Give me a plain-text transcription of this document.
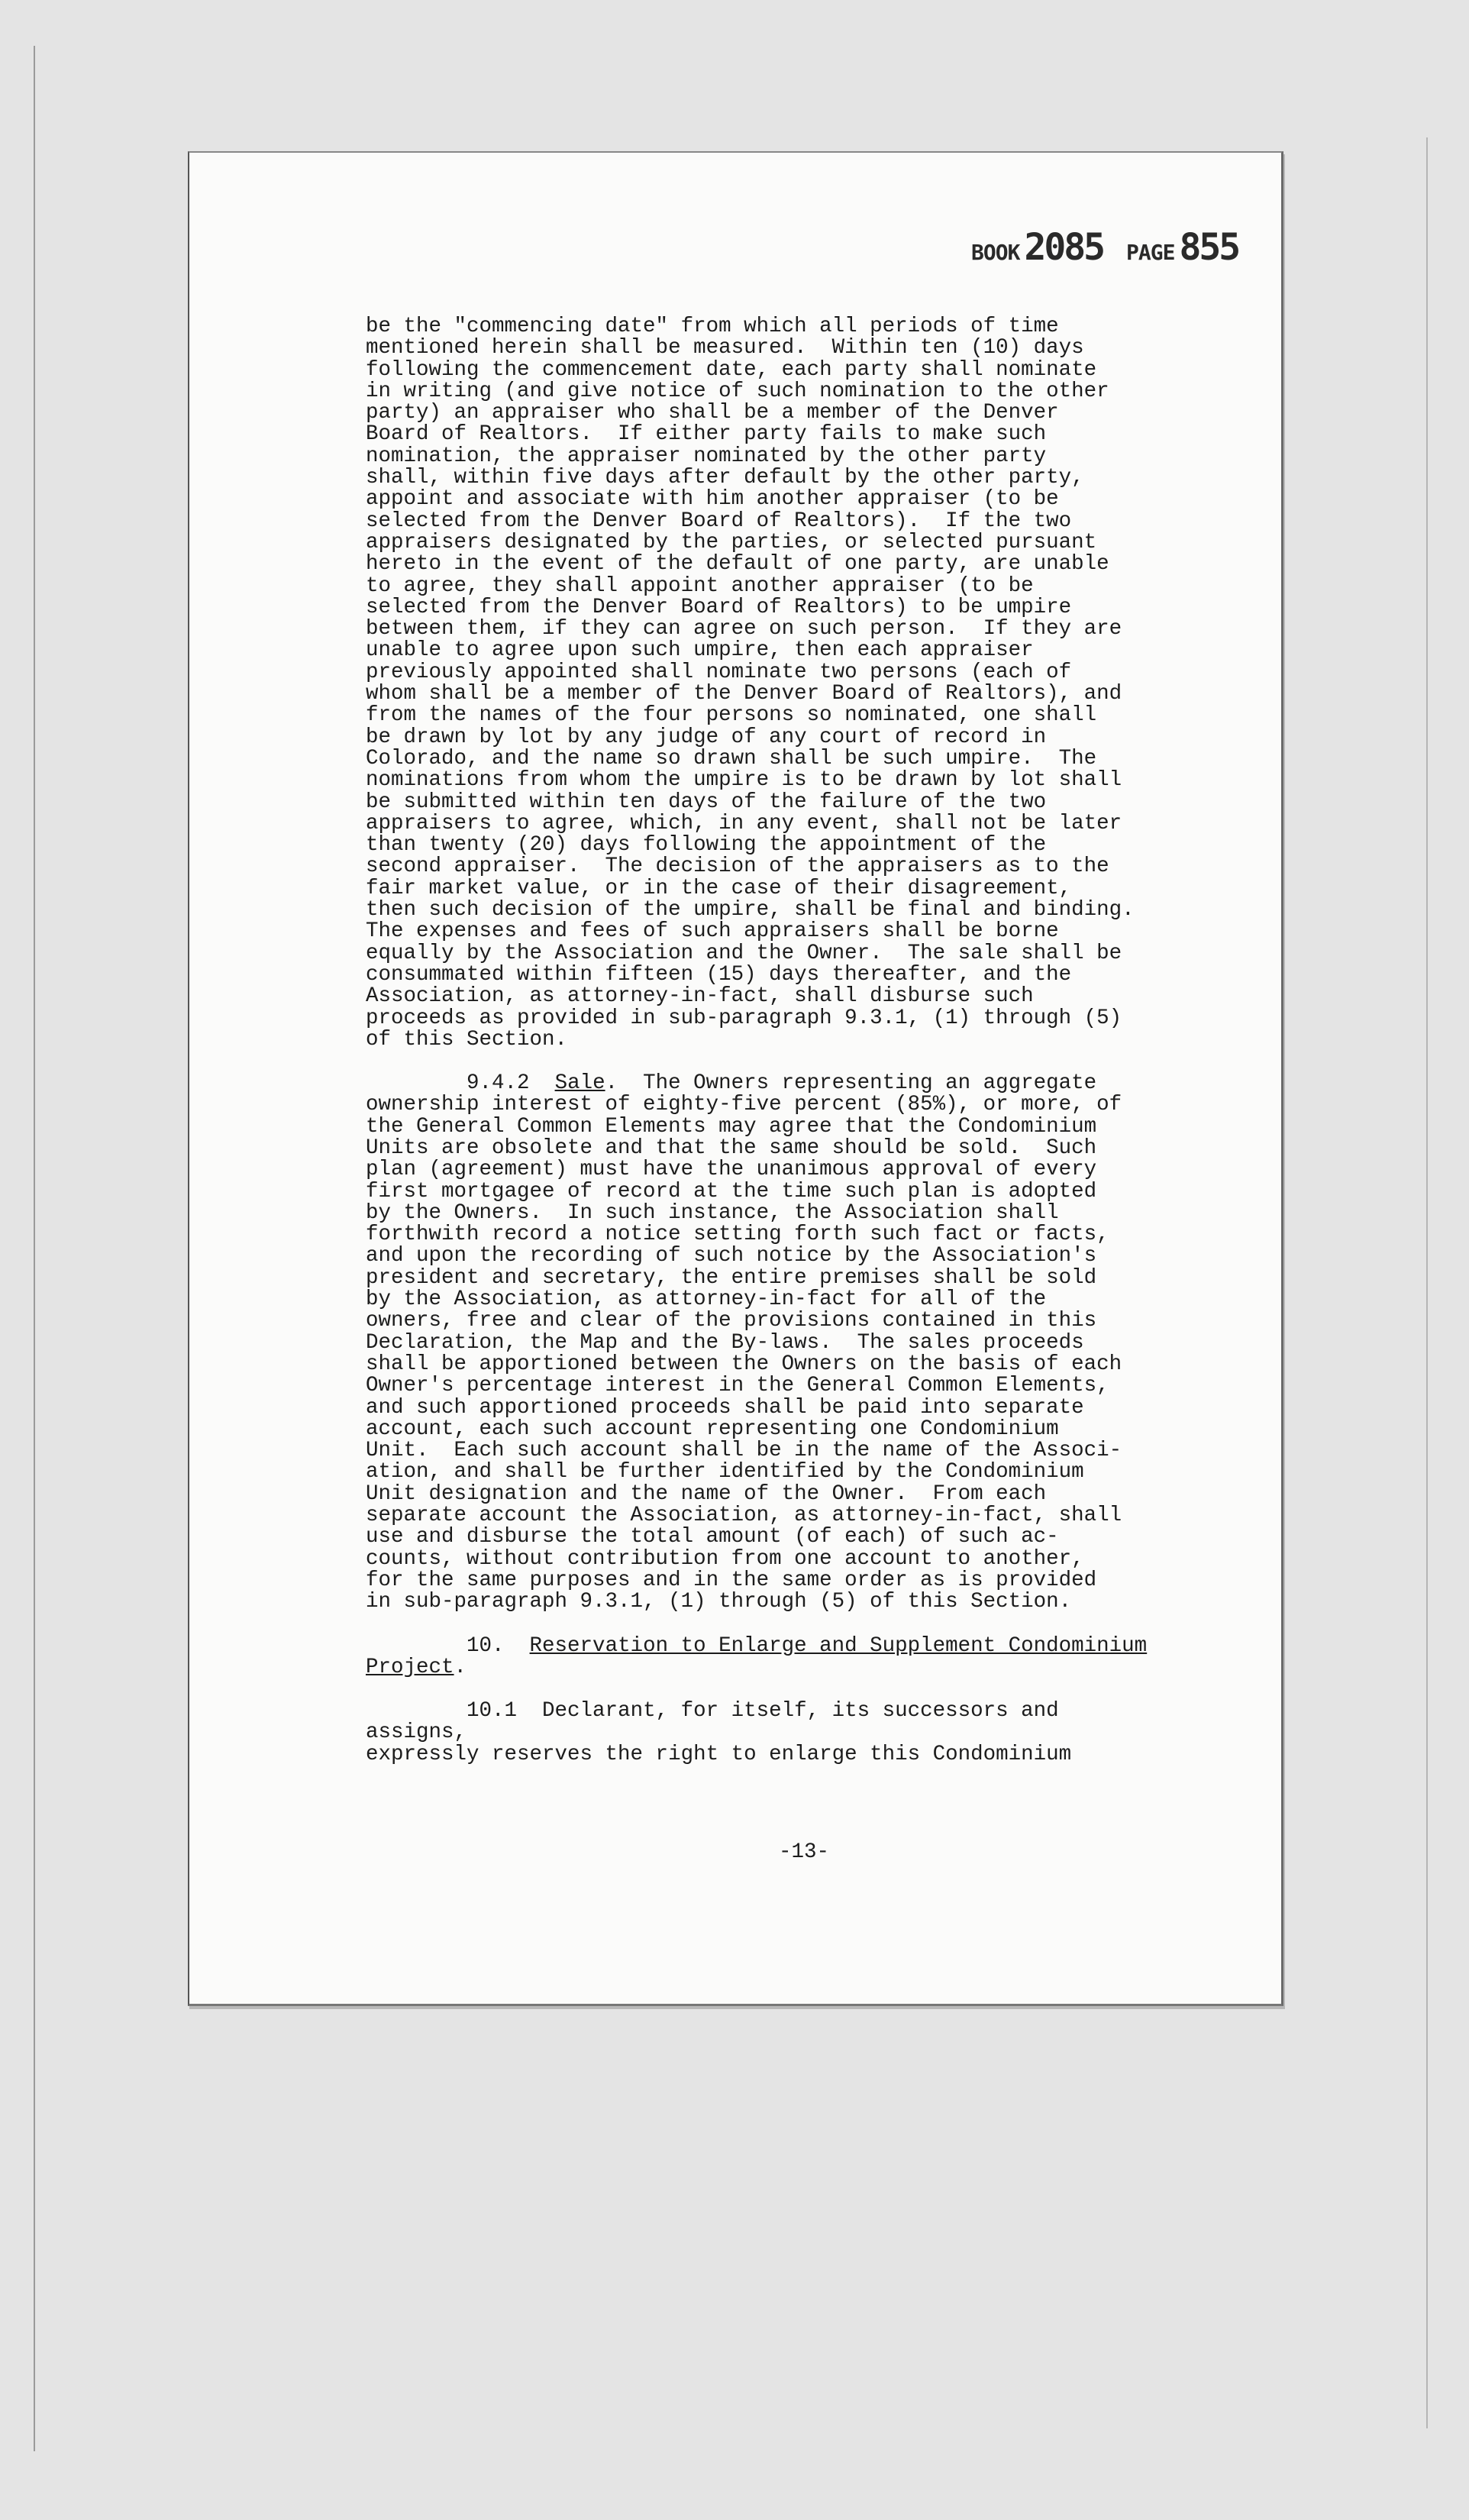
BOOK 2085 PAGE 855
be the "commencing date" from which all periods of time
mentioned herein shall be measured.  Within ten (10) days
following the commencement date, each party shall nominate
in writing (and give notice of such nomination to the other
party) an appraiser who shall be a member of the Denver
Board of Realtors.  If either party fails to make such
nomination, the appraiser nominated by the other party
shall, within five days after default by the other party,
appoint and associate with him another appraiser (to be
selected from the Denver Board of Realtors).  If the two
appraisers designated by the parties, or selected pursuant
hereto in the event of the default of one party, are unable
to agree, they shall appoint another appraiser (to be
selected from the Denver Board of Realtors) to be umpire
between them, if they can agree on such person.  If they are
unable to agree upon such umpire, then each appraiser
previously appointed shall nominate two persons (each of
whom shall be a member of the Denver Board of Realtors), and
from the names of the four persons so nominated, one shall
be drawn by lot by any judge of any court of record in
Colorado, and the name so drawn shall be such umpire.  The
nominations from whom the umpire is to be drawn by lot shall
be submitted within ten days of the failure of the two
appraisers to agree, which, in any event, shall not be later
than twenty (20) days following the appointment of the
second appraiser.  The decision of the appraisers as to the
fair market value, or in the case of their disagreement,
then such decision of the umpire, shall be final and binding.
The expenses and fees of such appraisers shall be borne
equally by the Association and the Owner.  The sale shall be
consummated within fifteen (15) days thereafter, and the
Association, as attorney-in-fact, shall disburse such
proceeds as provided in sub-paragraph 9.3.1, (1) through (5)
of this Section.
9.4.2  Sale.  The Owners representing an aggregate
ownership interest of eighty-five percent (85%), or more, of
the General Common Elements may agree that the Condominium
Units are obsolete and that the same should be sold.  Such
plan (agreement) must have the unanimous approval of every
first mortgagee of record at the time such plan is adopted
by the Owners.  In such instance, the Association shall
forthwith record a notice setting forth such fact or facts,
and upon the recording of such notice by the Association's
president and secretary, the entire premises shall be sold
by the Association, as attorney-in-fact for all of the
owners, free and clear of the provisions contained in this
Declaration, the Map and the By-laws.  The sales proceeds
shall be apportioned between the Owners on the basis of each
Owner's percentage interest in the General Common Elements,
and such apportioned proceeds shall be paid into separate
account, each such account representing one Condominium
Unit.  Each such account shall be in the name of the Associ-
ation, and shall be further identified by the Condominium
Unit designation and the name of the Owner.  From each
separate account the Association, as attorney-in-fact, shall
use and disburse the total amount (of each) of such ac-
counts, without contribution from one account to another,
for the same purposes and in the same order as is provided
in sub-paragraph 9.3.1, (1) through (5) of this Section.
10.  Reservation to Enlarge and Supplement Condominium
Project.
10.1  Declarant, for itself, its successors and assigns,
expressly reserves the right to enlarge this Condominium
-13-
